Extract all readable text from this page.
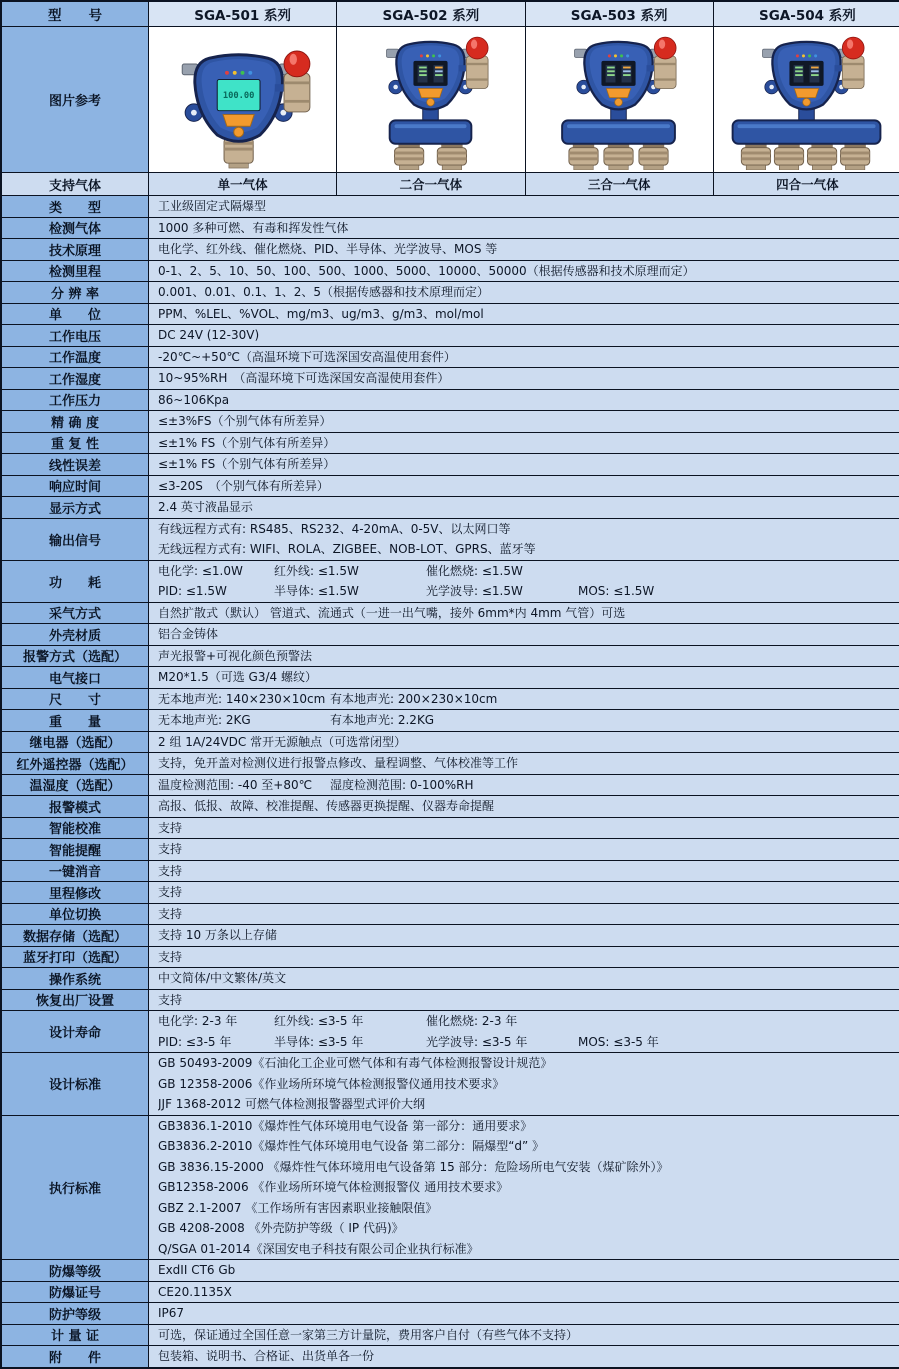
型　　号	SGA-501 系列	SGA-502 系列	SGA-503 系列	SGA-504 系列
图片参考	100.00
支持气体	单一气体	二合一气体	三合一气体	四合一气体
类　　型	工业级固定式隔爆型
检测气体	1000 多种可燃、有毒和挥发性气体
技术原理	电化学、红外线、催化燃烧、PID、半导体、光学波导、MOS 等
检测里程	0-1、2、5、10、50、100、500、1000、5000、10000、50000（根据传感器和技术原理而定）
分 辨 率	0.001、0.01、0.1、1、2、5（根据传感器和技术原理而定）
单　　位	PPM、%LEL、%VOL、mg/m3、ug/m3、g/m3、mol/mol
工作电压	DC 24V (12-30V)
工作温度	-20℃~+50℃（高温环境下可选深国安高温使用套件）
工作湿度	10~95%RH　（高湿环境下可选深国安高湿使用套件）
工作压力	86~106Kpa
精 确 度	≤±3%FS（个别气体有所差异）
重 复 性	≤±1% FS（个别气体有所差异）
线性误差	≤±1% FS（个别气体有所差异）
响应时间	≤3-20S　（个别气体有所差异）
显示方式	2.4 英寸液晶显示
输出信号
有线远程方式有: RS485、RS232、4-20mA、0-5V、以太网口等
无线远程方式有: WIFI、ROLA、ZIGBEE、NOB-LOT、GPRS、蓝牙等
功　　耗
电化学: ≤1.0W	红外线: ≤1.5W	催化燃烧: ≤1.5W
PID: ≤1.5W	半导体: ≤1.5W	光学波导: ≤1.5W	MOS: ≤1.5W
采气方式	自然扩散式（默认） 管道式、流通式（一进一出气嘴，接外 6mm*内 4mm 气管）可选
外壳材质	铝合金铸体
报警方式（选配）	声光报警+可视化颜色预警法
电气接口	M20*1.5（可选 G3/4 螺纹）
尺　　寸	无本地声光: 140×230×10cm 有本地声光: 200×230×10cm
重　　量	无本地声光: 2KG	有本地声光: 2.2KG
继电器（选配）	2 组 1A/24VDC 常开无源触点（可选常闭型）
红外遥控器（选配）	支持，免开盖对检测仪进行报警点修改、量程调整、气体校准等工作
温湿度（选配）	温度检测范围: -40 至+80℃	湿度检测范围: 0-100%RH
报警模式	高报、低报、故障、校准提醒、传感器更换提醒、仪器寿命提醒
智能校准	支持
智能提醒	支持
一键消音	支持
里程修改	支持
单位切换	支持
数据存储（选配）	支持 10 万条以上存储
蓝牙打印（选配）	支持
操作系统	中文简体/中文繁体/英文
恢复出厂设置	支持
设计寿命
电化学: 2-3 年	红外线: ≤3-5 年	催化燃烧: 2-3 年
PID: ≤3-5 年	半导体: ≤3-5 年	光学波导: ≤3-5 年	MOS: ≤3-5 年
设计标准
GB 50493-2009《石油化工企业可燃气体和有毒气体检测报警设计规范》
GB 12358-2006《作业场所环境气体检测报警仪通用技术要求》
JJF 1368-2012 可燃气体检测报警器型式评价大纲
执行标准
GB3836.1-2010《爆炸性气体环境用电气设备 第一部分：通用要求》
GB3836.2-2010《爆炸性气体环境用电气设备 第二部分：隔爆型“d” 》
GB 3836.15-2000 《爆炸性气体环境用电气设备第 15 部分：危险场所电气安装（煤矿除外）》
GB12358-2006 《作业场所环境气体检测报警仪 通用技术要求》
GBZ 2.1-2007 《工作场所有害因素职业接触限值》
GB 4208-2008 《外壳防护等级（ IP 代码)》
Q/SGA 01-2014《深国安电子科技有限公司企业执行标准》
防爆等级	ExdII CT6 Gb
防爆证号	CE20.1135X
防护等级	IP67
计 量 证	可选，保证通过全国任意一家第三方计量院，费用客户自付（有些气体不支持）
附　　件	包装箱、说明书、合格证、出货单各一份
